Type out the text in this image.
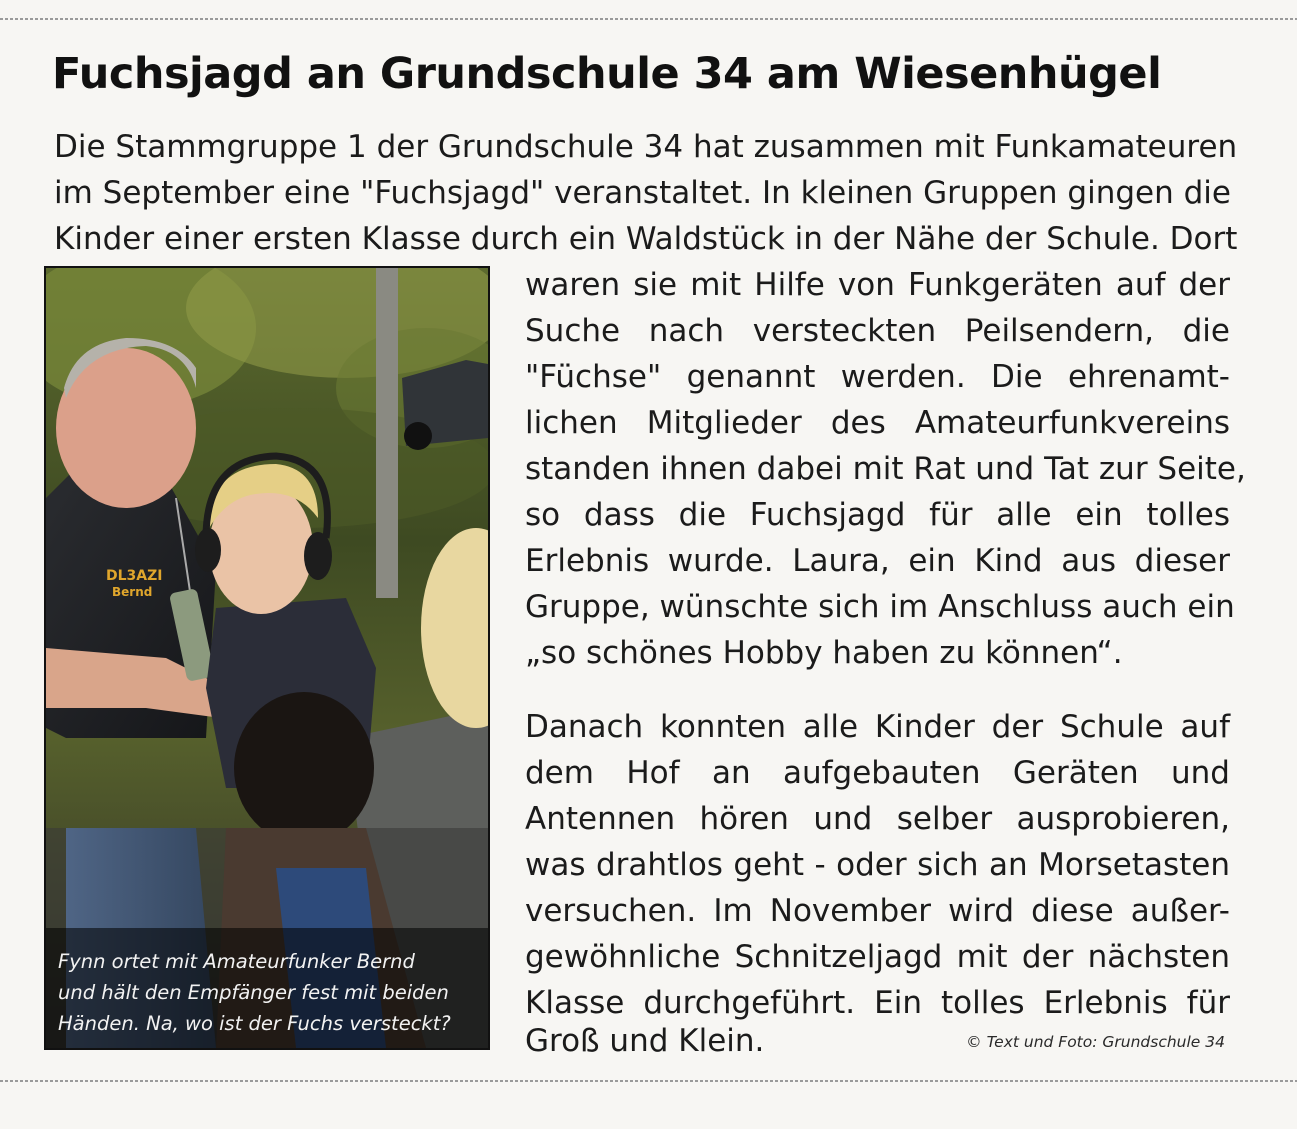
Fuchsjagd an Grundschule 34 am Wiesenhügel
Die Stammgruppe 1 der Grundschule 34 hat zusammen mit Funkamateuren
im September eine "Fuchsjagd" veranstaltet. In kleinen Gruppen gingen die
Kinder einer ersten Klasse durch ein Waldstück in der Nähe der Schule. Dort
waren sie mit Hilfe von Funkgeräten auf der
Suche nach versteckten Peilsendern, die
"Füchse" genannt werden. Die ehrenamt-
lichen Mitglieder des Amateurfunkvereins
standen ihnen dabei mit Rat und Tat zur Seite,
so dass die Fuchsjagd für alle ein tolles
Erlebnis wurde. Laura, ein Kind aus dieser
Gruppe, wünschte sich im Anschluss auch ein
„so schönes Hobby haben zu können“.
Danach konnten alle Kinder der Schule auf
dem Hof an aufgebauten Geräten und
Antennen hören und selber ausprobieren,
was drahtlos geht - oder sich an Morsetasten
versuchen. Im November wird diese außer-
gewöhnliche Schnitzeljagd mit der nächsten
Klasse durchgeführt. Ein tolles Erlebnis für
Groß und Klein.
DL3AZI
Bernd
Fynn ortet mit Amateurfunker Bernd
und hält den Empfänger fest mit beiden
Händen. Na, wo ist der Fuchs versteckt?
© Text und Foto: Grundschule 34
